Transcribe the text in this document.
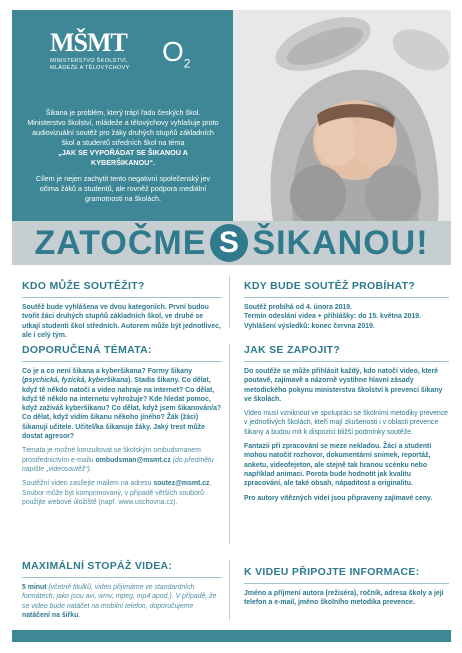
MŠMT
MINISTERSTVO ŠKOLSTVÍ,
MLÁDEŽE A TĚLOVÝCHOVY
$O_2$
Šikana je problém, který trápí řadu českých škol. Ministerstvo školství, mládeže a tělovýchovy vyhlašuje proto audiovizuální soutěž pro žáky druhých stupňů základních škol a studentů středních škol na téma
„JAK SE VYPOŘÁDAT SE ŠIKANOU A KYBERŠIKANOU“.
Cílem je nejen zachytit tento negativní společenský jev očima žáků a studentů, ale rovněž podpora mediální gramotnosti na školách.
ZATOČME S ŠIKANOU!
KDO MŮŽE SOUTĚŽIT?

Soutěž bude vyhlášena ve dvou kategoriích. První budou tvořit žáci druhých stupňů základních škol, ve druhé se utkají studenti škol středních. Autorem může být jednotlivec, ale i celý tým.

KDY BUDE SOUTĚŽ PROBÍHAT?

Soutěž probíhá od 4. února 2019.
Termín odeslání videa + přihlášky: do 15. května 2019.
Vyhlášení výsledků: konec června 2019.

DOPORUČENÁ TÉMATA:

Co je a co není šikana a kyberšikana? Formy šikany (psychická, fyzická, kyberšikana). Stadia šikany. Co dělat, když tě někdo natočí a video nahraje na internet? Co dělat, když tě někdo na internetu vyhrožuje? Kde hledat pomoc, když zažíváš kyberšikanu? Co dělat, když jsem šikanován/a? Co dělat, když vidím šikanu někoho jiného? Žák (žáci) šikanují učitele. Učitel/ka šikanuje žáky. Jaký trest může dostat agresor?

Témata je možné konzultovat se školským ombudsmanem prostřednictvím e-mailu ombudsman@msmt.cz (do předmětu napište „videosoutěž“).

Soutěžní video zasílejte mailem na adresu soutez@msmt.cz. Soubor může být komprimovaný, v případě větších souborů použijte webové úložiště (např. www.uschovna.cz).

JAK SE ZAPOJIT?

Do soutěže se může přihlásit každý, kdo natočí video, které poutavě, zajímavě a názorně vystihne hlavní zásady metodického pokynu ministerstva školství k prevenci šikany ve školách.

Video musí vzniknout ve spolupráci se školními metodiky prevence v jednotlivých školách, kteří mají zkušenosti i v oblasti prevence šikany a budou mít k dispozici bližší podmínky soutěže.

Fantazii při zpracování se meze nekladou. Žáci a studenti mohou natočit rozhovor, dokumentární snímek, reportáž, anketu, videofejeton, ale stejně tak hranou scénku nebo například animaci. Porota bude hodnotit jak kvalitu zpracování, ale také obsah, nápaditost a originalitu.

Pro autory vítězných videí jsou připraveny zajímavé ceny.

MAXIMÁLNÍ STOPÁŽ VIDEA:

5 minut (včetně titulků, video přijímáme ve standardních formátech, jako jsou avi, wmv, mpeg, mp4 apod.). V případě, že se video bude natáčet na mobilní telefon, doporučujeme natáčení na šířku.

K VIDEU PŘIPOJTE INFORMACE:

Jméno a příjmení autora (režiséra), ročník, adresa školy a její telefon a e-mail, jméno školního metodika prevence.
